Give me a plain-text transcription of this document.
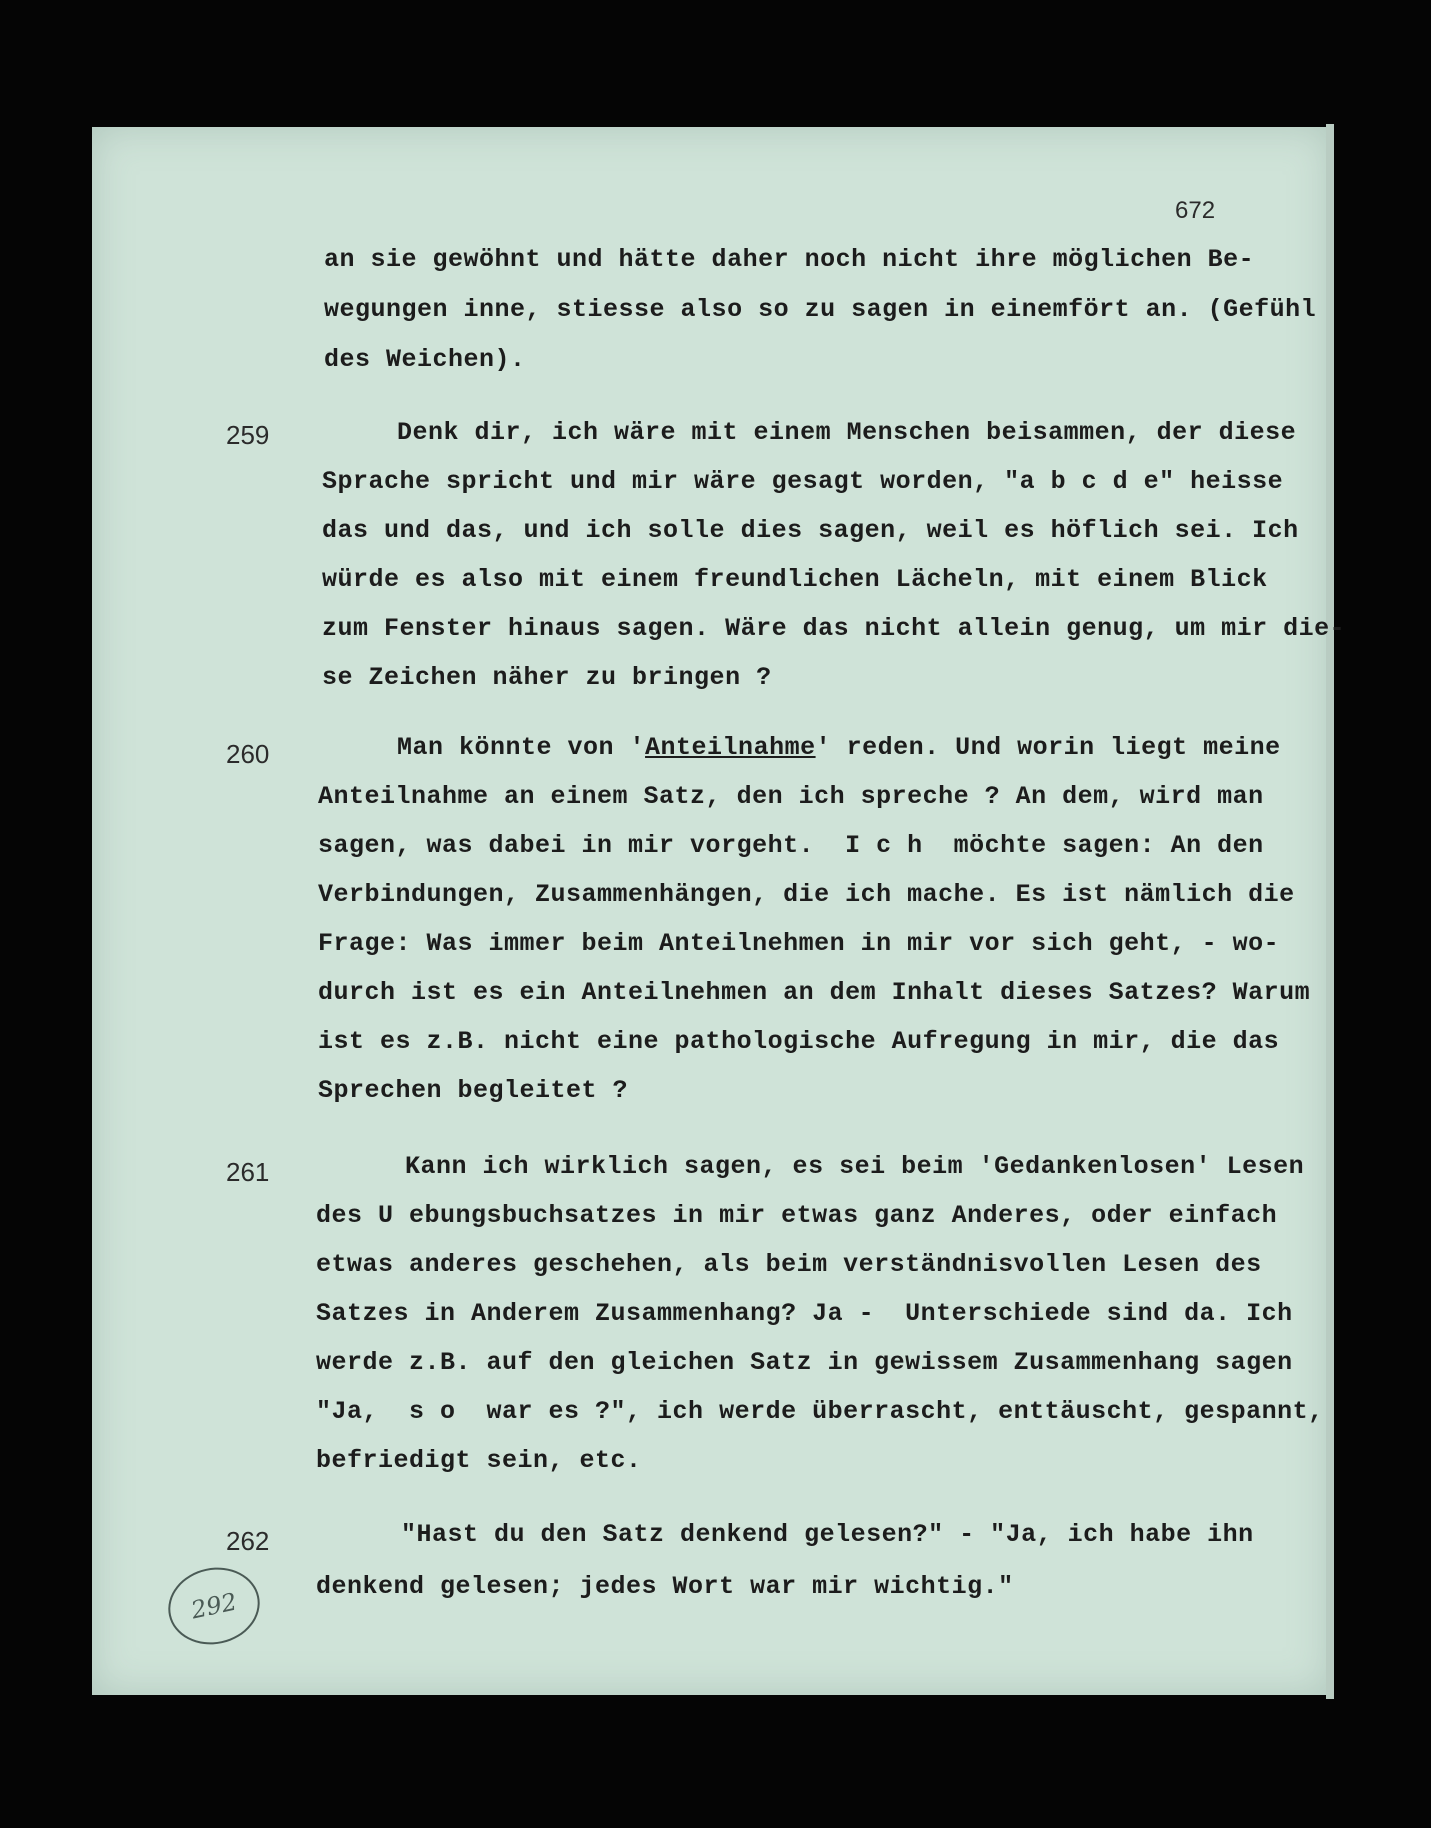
672
an sie gewöhnt und hätte daher noch nicht ihre möglichen Be-
wegungen inne, stiesse also so zu sagen in einemfört an. (Gefühl
des Weichen).
259	Denk dir, ich wäre mit einem Menschen beisammen, der diese
Sprache spricht und mir wäre gesagt worden, "a b c d e" heisse
das und das, und ich solle dies sagen, weil es höflich sei. Ich
würde es also mit einem freundlichen Lächeln, mit einem Blick
zum Fenster hinaus sagen. Wäre das nicht allein genug, um mir die-
se Zeichen näher zu bringen ?
260	Man könnte von 'Anteilnahme' reden. Und worin liegt meine
Anteilnahme an einem Satz, den ich spreche ? An dem, wird man
sagen, was dabei in mir vorgeht.  I c h  möchte sagen: An den
Verbindungen, Zusammenhängen, die ich mache. Es ist nämlich die
Frage: Was immer beim Anteilnehmen in mir vor sich geht, - wo-
durch ist es ein Anteilnehmen an dem Inhalt dieses Satzes? Warum
ist es z.B. nicht eine pathologische Aufregung in mir, die das
Sprechen begleitet ?
261	Kann ich wirklich sagen, es sei beim 'Gedankenlosen' Lesen
des U ebungsbuchsatzes in mir etwas ganz Anderes, oder einfach
etwas anderes geschehen, als beim verständnisvollen Lesen des
Satzes in Anderem Zusammenhang? Ja -  Unterschiede sind da. Ich
werde z.B. auf den gleichen Satz in gewissem Zusammenhang sagen
"Ja,  s o  war es ?", ich werde überrascht, enttäuscht, gespannt,
befriedigt sein, etc.
262	"Hast du den Satz denkend gelesen?" - "Ja, ich habe ihn
denkend gelesen; jedes Wort war mir wichtig."
292
